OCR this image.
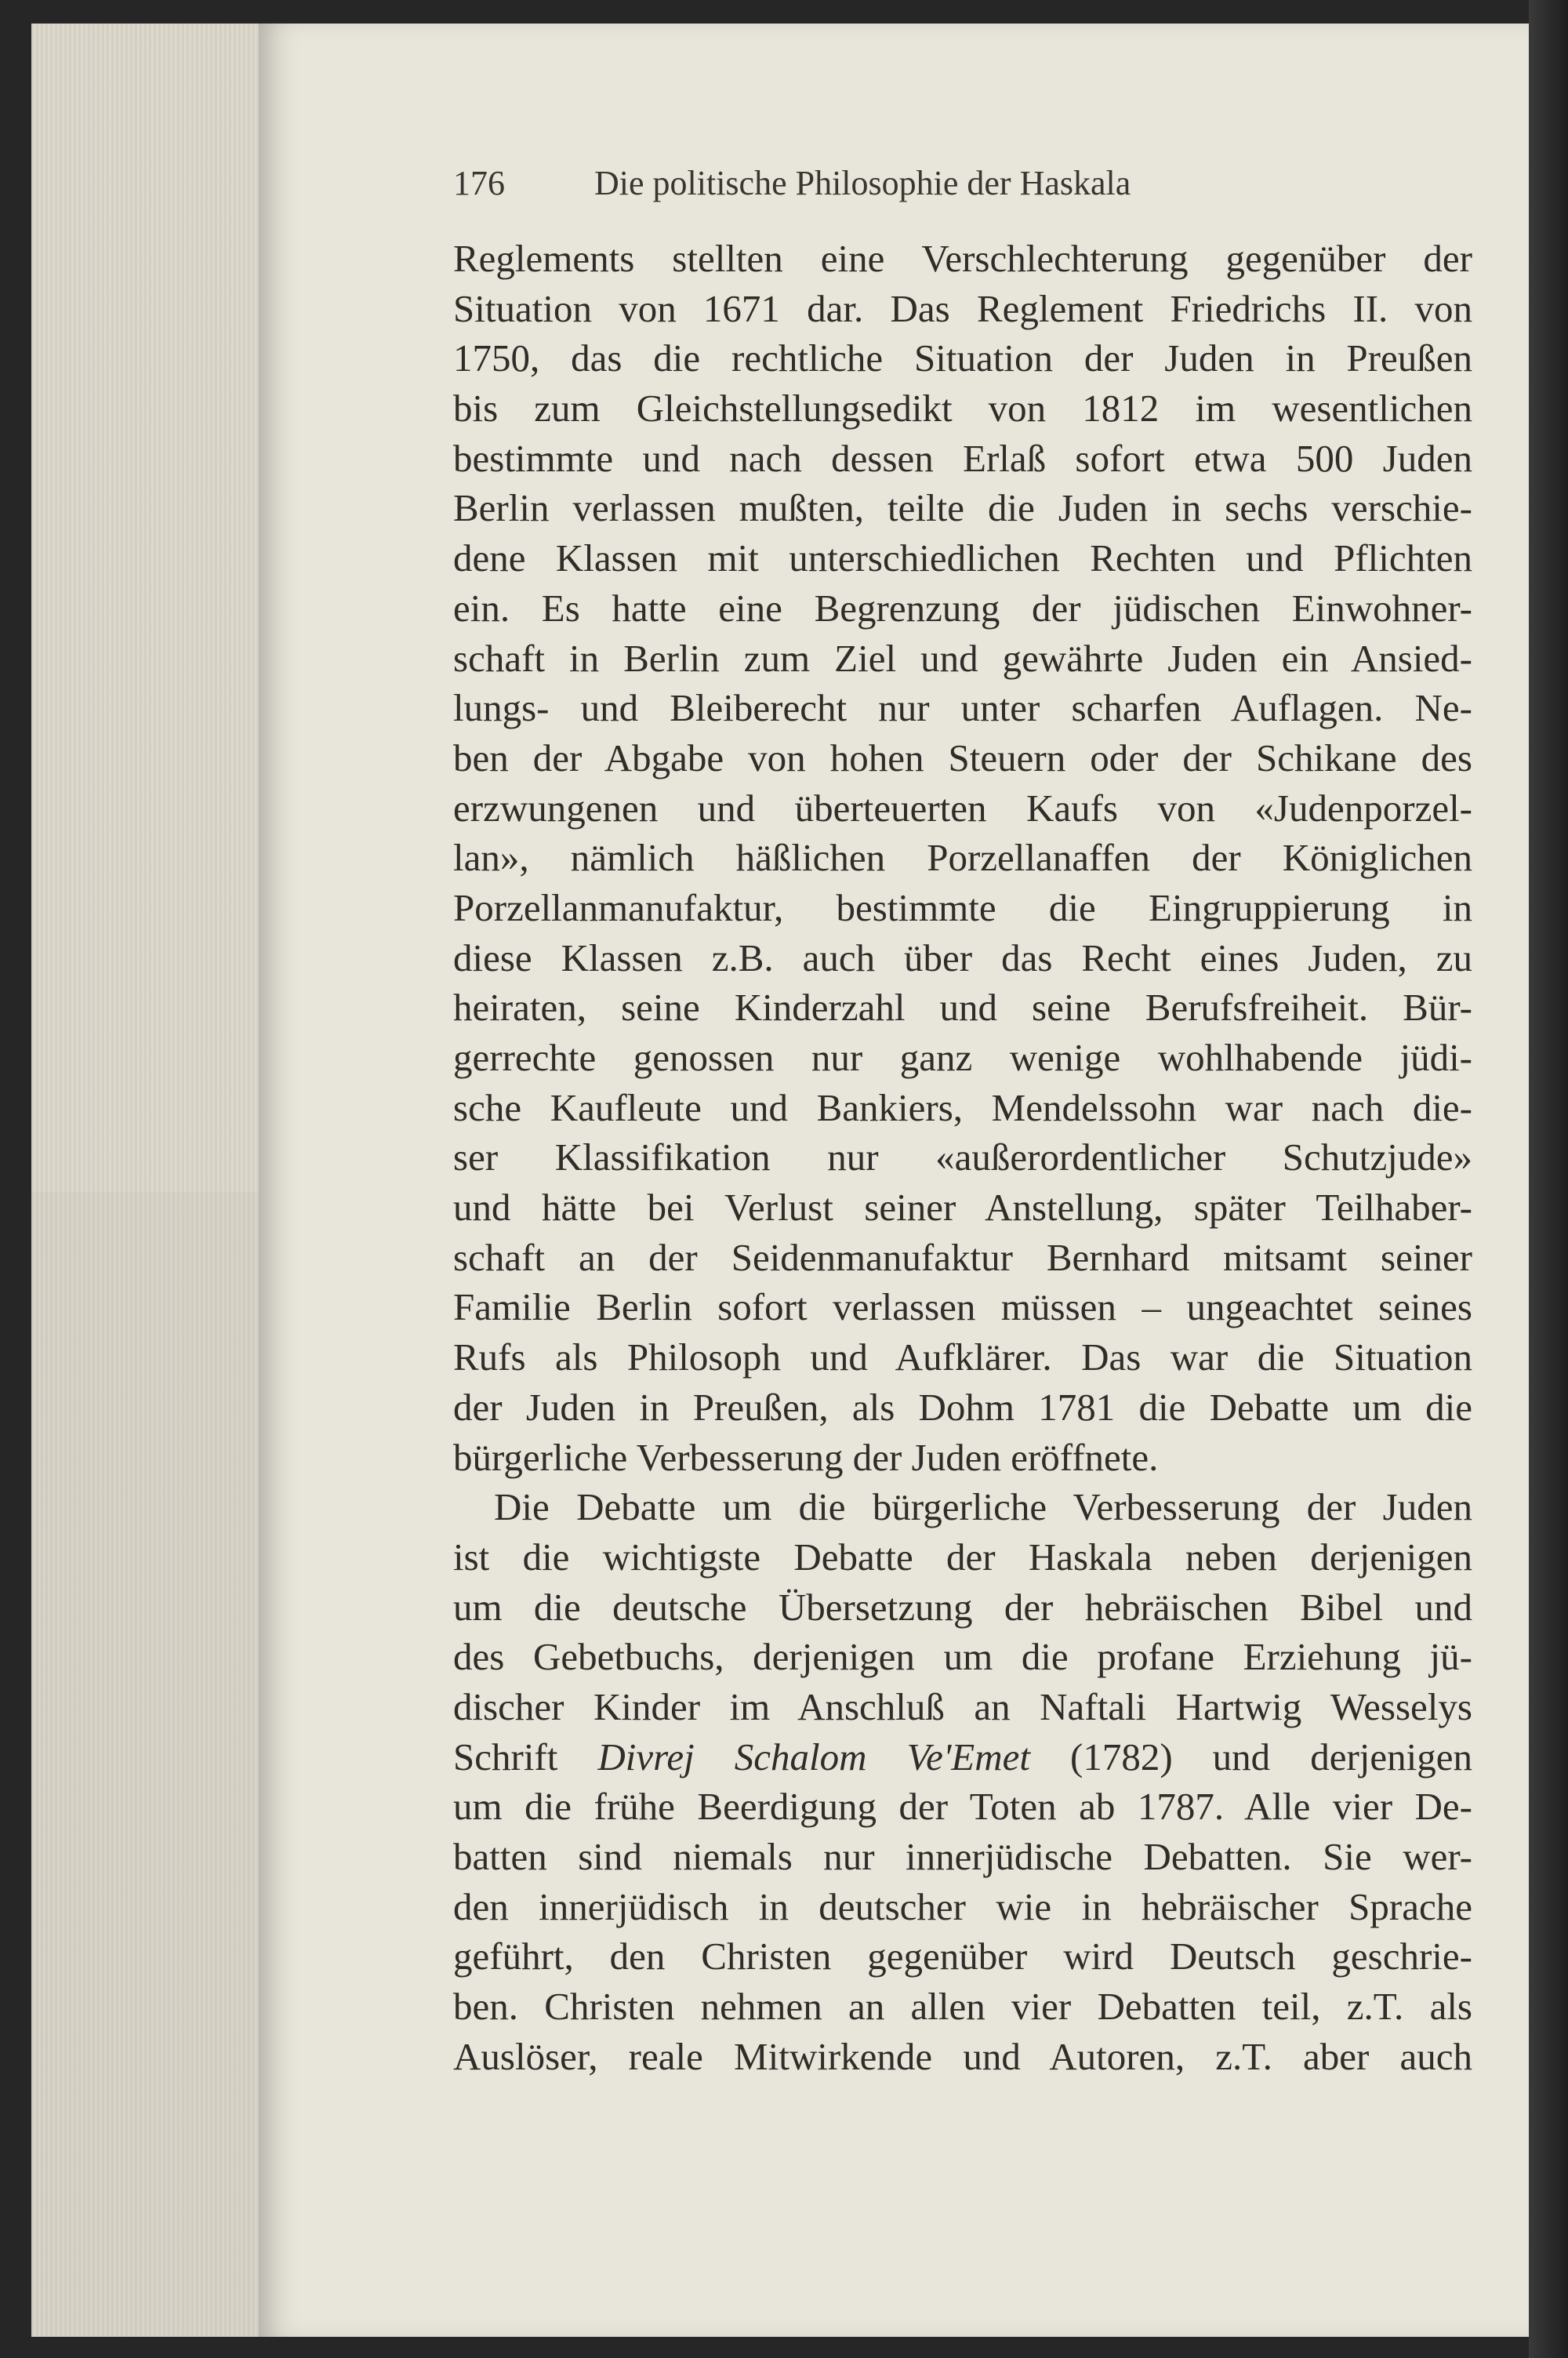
176	Die politische Philosophie der Haskala
Reglements stellten eine Verschlechterung gegenüber der
Situation von 1671 dar. Das Reglement Friedrichs II. von
1750, das die rechtliche Situation der Juden in Preußen
bis zum Gleichstellungsedikt von 1812 im wesentlichen
bestimmte und nach dessen Erlaß sofort etwa 500 Juden
Berlin verlassen mußten, teilte die Juden in sechs verschie-
dene Klassen mit unterschiedlichen Rechten und Pflichten
ein. Es hatte eine Begrenzung der jüdischen Einwohner-
schaft in Berlin zum Ziel und gewährte Juden ein Ansied-
lungs- und Bleiberecht nur unter scharfen Auflagen. Ne-
ben der Abgabe von hohen Steuern oder der Schikane des
erzwungenen und überteuerten Kaufs von «Judenporzel-
lan», nämlich häßlichen Porzellanaffen der Königlichen
Porzellanmanufaktur, bestimmte die Eingruppierung in
diese Klassen z.B. auch über das Recht eines Juden, zu
heiraten, seine Kinderzahl und seine Berufsfreiheit. Bür-
gerrechte genossen nur ganz wenige wohlhabende jüdi-
sche Kaufleute und Bankiers, Mendelssohn war nach die-
ser Klassifikation nur «außerordentlicher Schutzjude»
und hätte bei Verlust seiner Anstellung, später Teilhaber-
schaft an der Seidenmanufaktur Bernhard mitsamt seiner
Familie Berlin sofort verlassen müssen – ungeachtet seines
Rufs als Philosoph und Aufklärer. Das war die Situation
der Juden in Preußen, als Dohm 1781 die Debatte um die
bürgerliche Verbesserung der Juden eröffnete.
Die Debatte um die bürgerliche Verbesserung der Juden
ist die wichtigste Debatte der Haskala neben derjenigen
um die deutsche Übersetzung der hebräischen Bibel und
des Gebetbuchs, derjenigen um die profane Erziehung jü-
discher Kinder im Anschluß an Naftali Hartwig Wesselys
Schrift Divrej Schalom Ve'Emet (1782) und derjenigen
um die frühe Beerdigung der Toten ab 1787. Alle vier De-
batten sind niemals nur innerjüdische Debatten. Sie wer-
den innerjüdisch in deutscher wie in hebräischer Sprache
geführt, den Christen gegenüber wird Deutsch geschrie-
ben. Christen nehmen an allen vier Debatten teil, z.T. als
Auslöser, reale Mitwirkende und Autoren, z.T. aber auch
